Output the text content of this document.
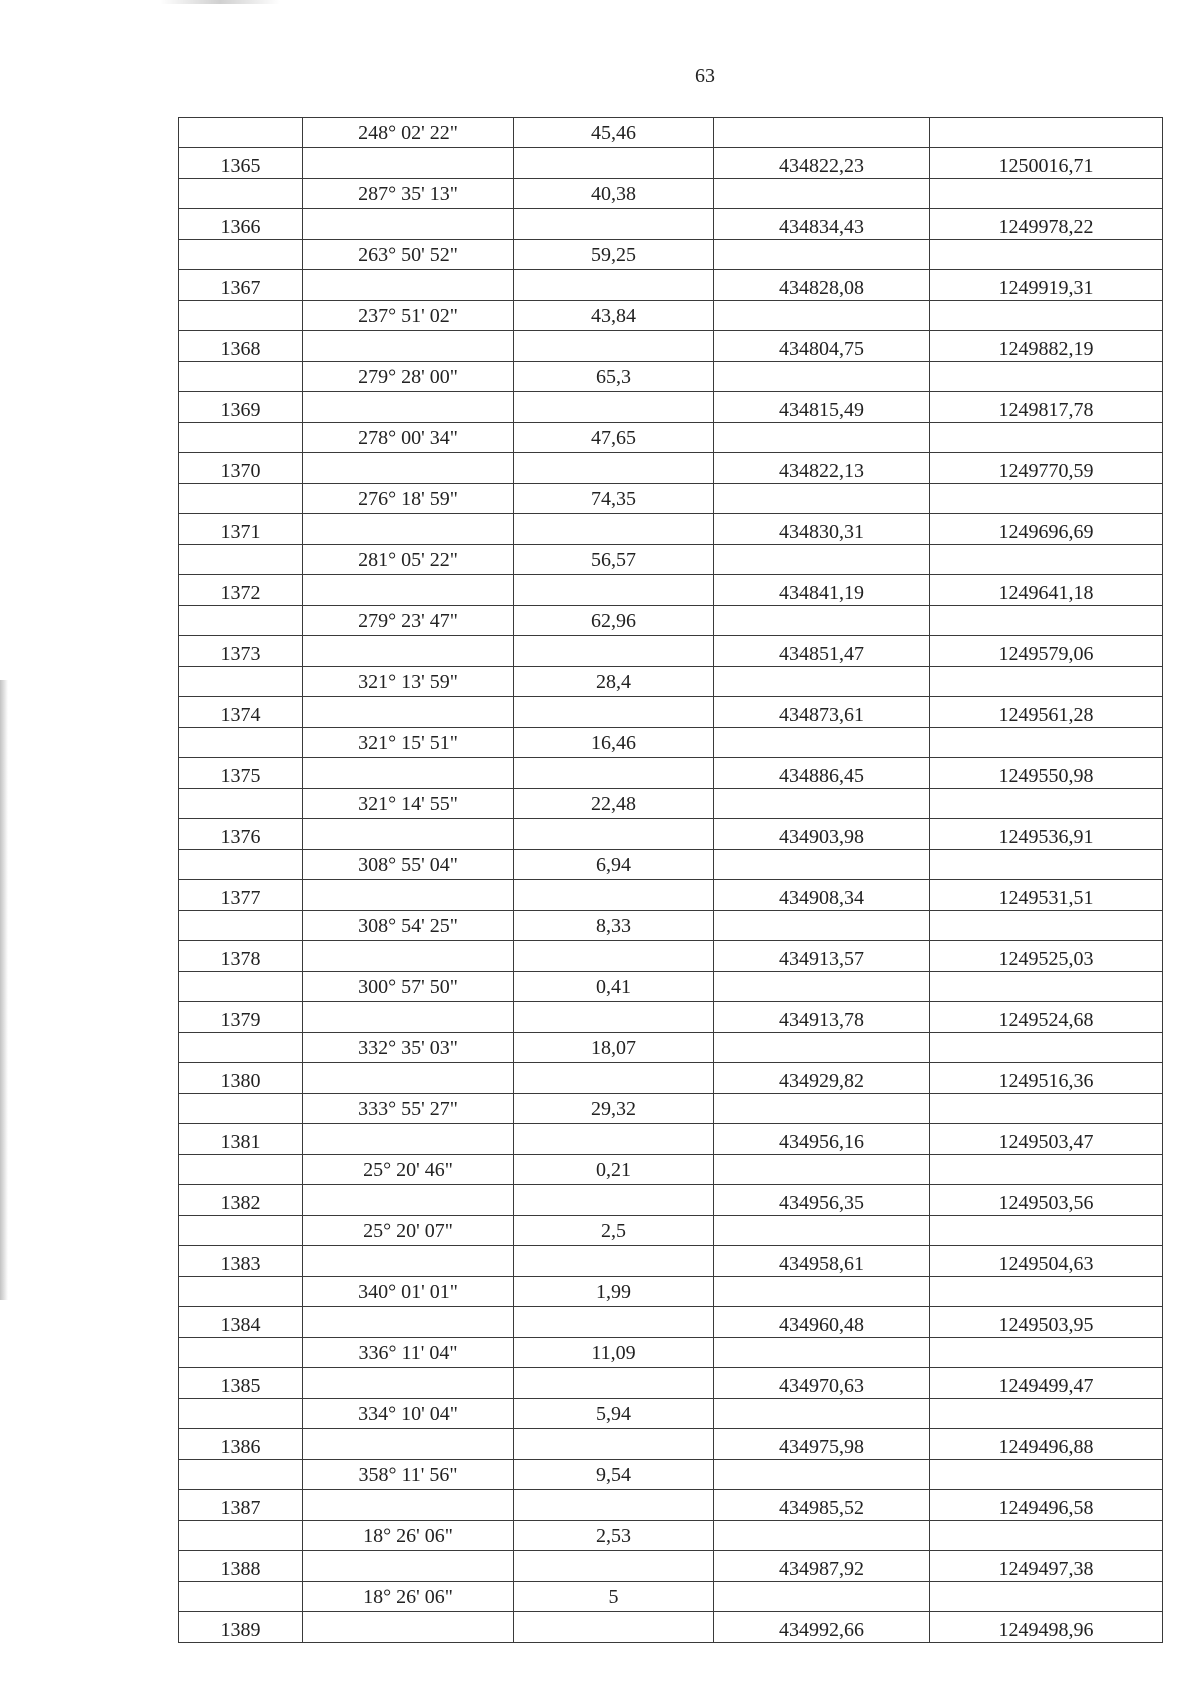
63
	248° 02' 22"	45,46		
1365			434822,23	1250016,71
	287° 35' 13"	40,38		
1366			434834,43	1249978,22
	263° 50' 52"	59,25		
1367			434828,08	1249919,31
	237° 51' 02"	43,84		
1368			434804,75	1249882,19
	279° 28' 00"	65,3		
1369			434815,49	1249817,78
	278° 00' 34"	47,65		
1370			434822,13	1249770,59
	276° 18' 59"	74,35		
1371			434830,31	1249696,69
	281° 05' 22"	56,57		
1372			434841,19	1249641,18
	279° 23' 47"	62,96		
1373			434851,47	1249579,06
	321° 13' 59"	28,4		
1374			434873,61	1249561,28
	321° 15' 51"	16,46		
1375			434886,45	1249550,98
	321° 14' 55"	22,48		
1376			434903,98	1249536,91
	308° 55' 04"	6,94		
1377			434908,34	1249531,51
	308° 54' 25"	8,33		
1378			434913,57	1249525,03
	300° 57' 50"	0,41		
1379			434913,78	1249524,68
	332° 35' 03"	18,07		
1380			434929,82	1249516,36
	333° 55' 27"	29,32		
1381			434956,16	1249503,47
	25° 20' 46"	0,21		
1382			434956,35	1249503,56
	25° 20' 07"	2,5		
1383			434958,61	1249504,63
	340° 01' 01"	1,99		
1384			434960,48	1249503,95
	336° 11' 04"	11,09		
1385			434970,63	1249499,47
	334° 10' 04"	5,94		
1386			434975,98	1249496,88
	358° 11' 56"	9,54		
1387			434985,52	1249496,58
	18° 26' 06"	2,53		
1388			434987,92	1249497,38
	18° 26' 06"	5		
1389			434992,66	1249498,96
